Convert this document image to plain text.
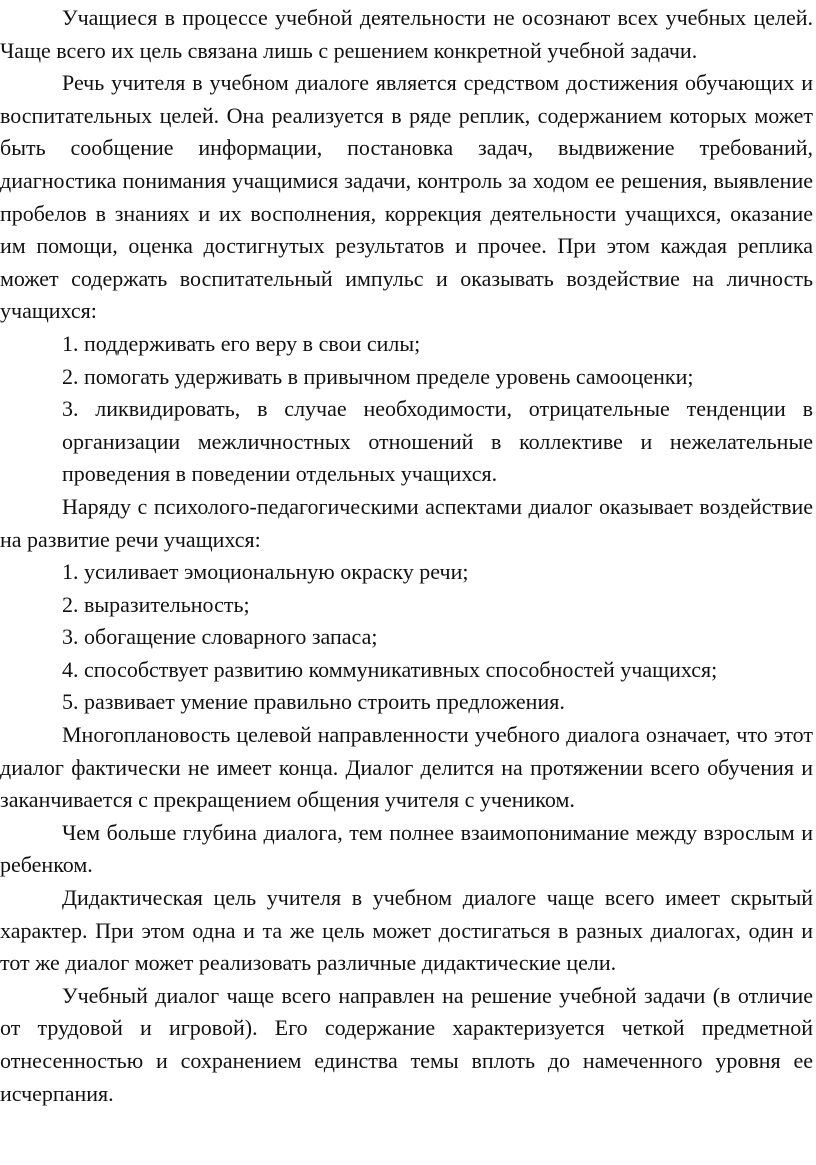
Учащиеся в процессе учебной деятельности не осознают всех учебных целей. Чаще всего их цель связана лишь с решением конкретной учебной задачи.

Речь учителя в учебном диалоге является средством достижения обучающих и воспитательных целей. Она реализуется в ряде реплик, содержанием которых может быть сообщение информации, постановка задач, выдвижение требований, диагностика понимания учащимися задачи, контроль за ходом ее решения, выявление пробелов в знаниях и их восполнения, коррекция деятельности учащихся, оказание им помощи, оценка достигнутых результатов и прочее. При этом каждая реплика может содержать воспитательный импульс и оказывать воздействие на личность учащихся:

1. поддерживать его веру в свои силы;
2. помогать удерживать в привычном пределе уровень самооценки;
3. ликвидировать, в случае необходимости, отрицательные тенденции в организации межличностных отношений в коллективе и нежелательные проведения в поведении отдельных учащихся.

Наряду с психолого-педагогическими аспектами диалог оказывает воздействие на развитие речи учащихся:

1. усиливает эмоциональную окраску речи;
2. выразительность;
3. обогащение словарного запаса;
4. способствует развитию коммуникативных способностей учащихся;
5. развивает умение правильно строить предложения.

Многоплановость целевой направленности учебного диалога означает, что этот диалог фактически не имеет конца. Диалог делится на протяжении всего обучения и заканчивается с прекращением общения учителя с учеником.

Чем больше глубина диалога, тем полнее взаимопонимание между взрослым и ребенком.

Дидактическая цель учителя в учебном диалоге чаще всего имеет скрытый характер. При этом одна и та же цель может достигаться в разных диалогах, один и тот же диалог может реализовать различные дидактические цели.

Учебный диалог чаще всего направлен на решение учебной задачи (в отличие от трудовой и игровой). Его содержание характеризуется четкой предметной отнесенностью и сохранением единства темы вплоть до намеченного уровня ее исчерпания.
